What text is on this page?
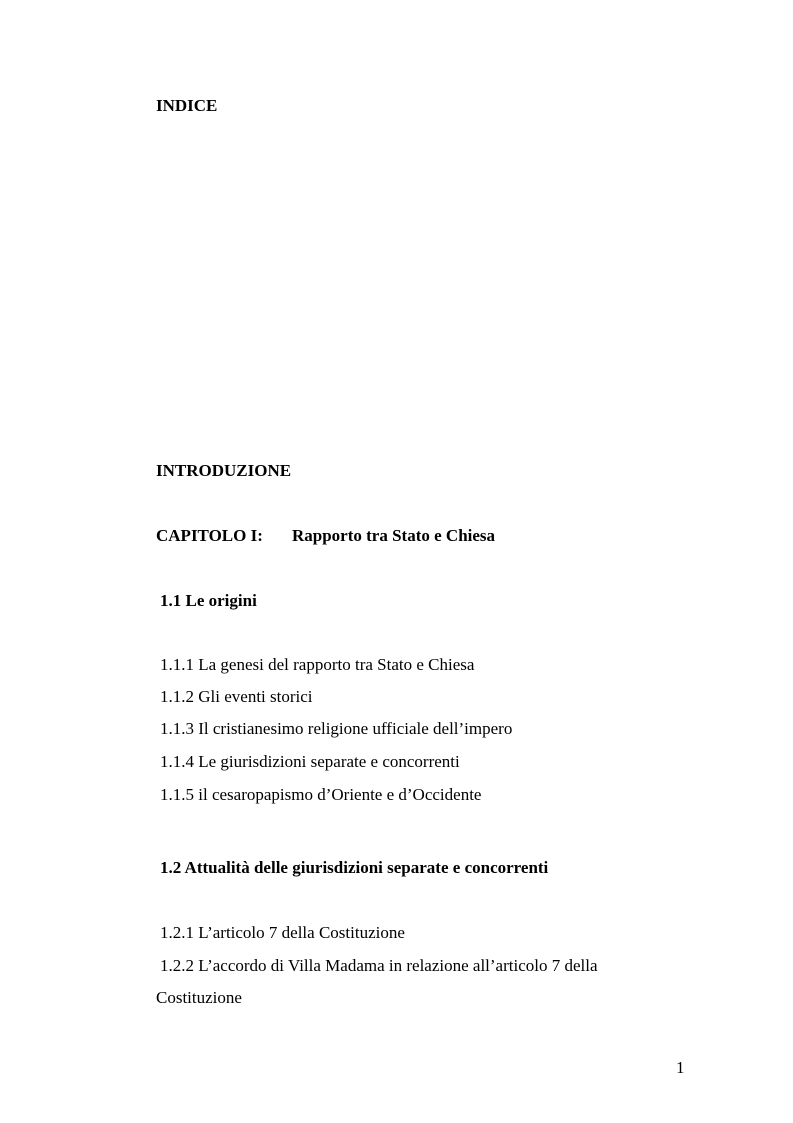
INDICE
INTRODUZIONE
CAPITOLO I: Rapporto tra Stato e Chiesa
1.1 Le origini
1.1.1 La genesi del rapporto tra Stato e Chiesa
1.1.2 Gli eventi storici
1.1.3 Il cristianesimo religione ufficiale dell’impero
1.1.4 Le giurisdizioni separate e concorrenti
1.1.5 il cesaropapismo d’Oriente e d’Occidente
1.2 Attualità delle giurisdizioni separate e concorrenti
1.2.1 L’articolo 7 della Costituzione
1.2.2 L’accordo di Villa Madama in relazione all’articolo 7 della
Costituzione
1
